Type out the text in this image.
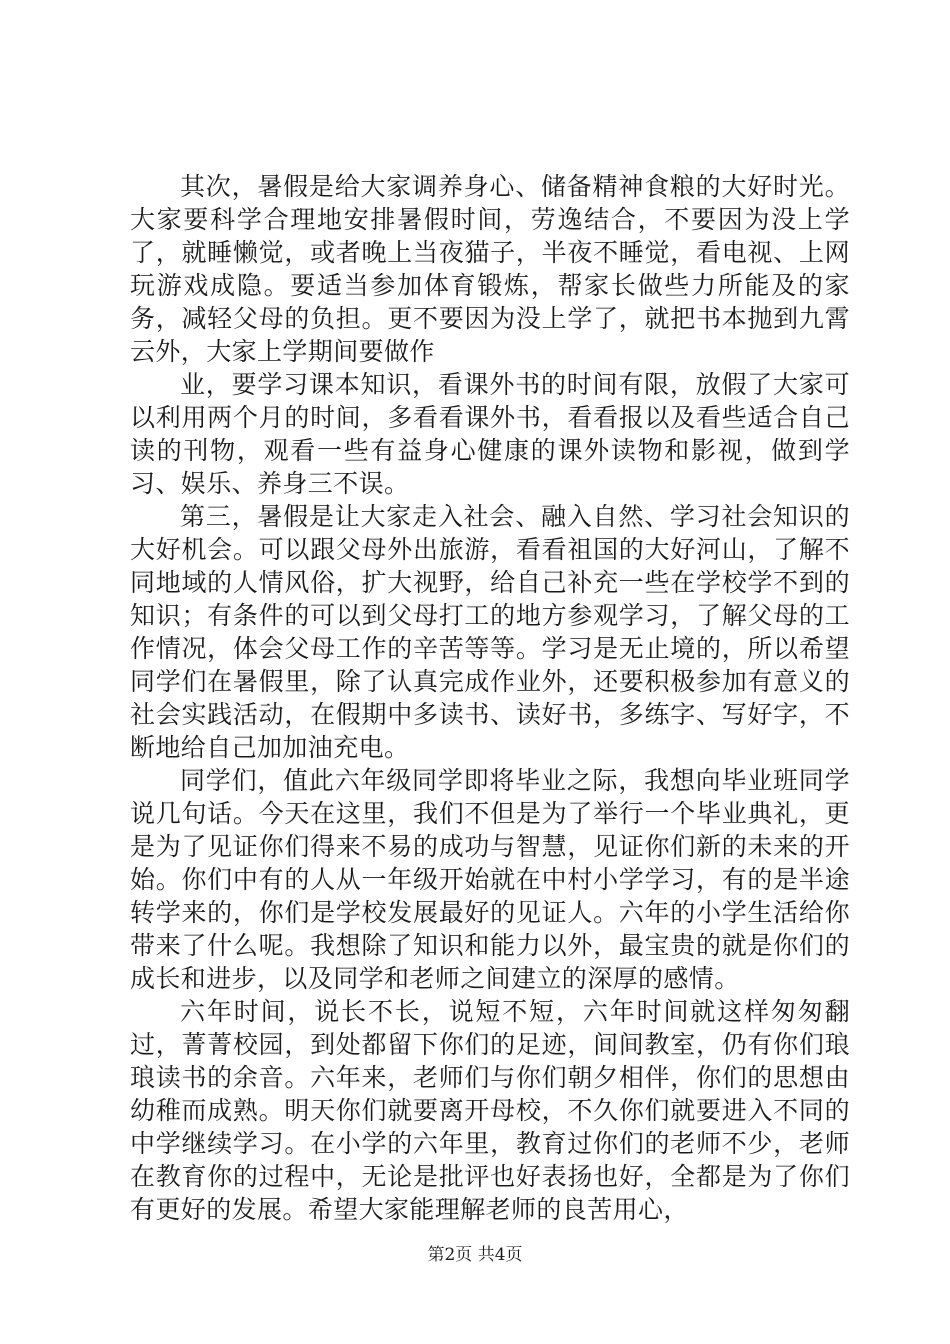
其次，暑假是给大家调养身心、储备精神食粮的大好时光。大家要科学合理地安排暑假时间，劳逸结合，不要因为没上学了，就睡懒觉，或者晚上当夜猫子，半夜不睡觉，看电视、上网玩游戏成隐。要适当参加体育锻炼，帮家长做些力所能及的家务，减轻父母的负担。更不要因为没上学了，就把书本抛到九霄云外，大家上学期间要做作

业，要学习课本知识，看课外书的时间有限，放假了大家可以利用两个月的时间，多看看课外书，看看报以及看些适合自己读的刊物，观看一些有益身心健康的课外读物和影视，做到学习、娱乐、养身三不误。

第三，暑假是让大家走入社会、融入自然、学习社会知识的大好机会。可以跟父母外出旅游，看看祖国的大好河山，了解不同地域的人情风俗，扩大视野，给自己补充一些在学校学不到的知识；有条件的可以到父母打工的地方参观学习，了解父母的工作情况，体会父母工作的辛苦等等。学习是无止境的，所以希望同学们在暑假里，除了认真完成作业外，还要积极参加有意义的社会实践活动，在假期中多读书、读好书，多练字、写好字，不断地给自己加加油充电。

同学们，值此六年级同学即将毕业之际，我想向毕业班同学说几句话。今天在这里，我们不但是为了举行一个毕业典礼，更是为了见证你们得来不易的成功与智慧，见证你们新的未来的开始。你们中有的人从一年级开始就在中村小学学习，有的是半途转学来的，你们是学校发展最好的见证人。六年的小学生活给你带来了什么呢。我想除了知识和能力以外，最宝贵的就是你们的成长和进步，以及同学和老师之间建立的深厚的感情。

六年时间，说长不长，说短不短，六年时间就这样匆匆翻过，菁菁校园，到处都留下你们的足迹，间间教室，仍有你们琅琅读书的余音。六年来，老师们与你们朝夕相伴，你们的思想由幼稚而成熟。明天你们就要离开母校，不久你们就要进入不同的中学继续学习。在小学的六年里，教育过你们的老师不少，老师在教育你的过程中，无论是批评也好表扬也好，全都是为了你们有更好的发展。希望大家能理解老师的良苦用心，

第2页 共4页
